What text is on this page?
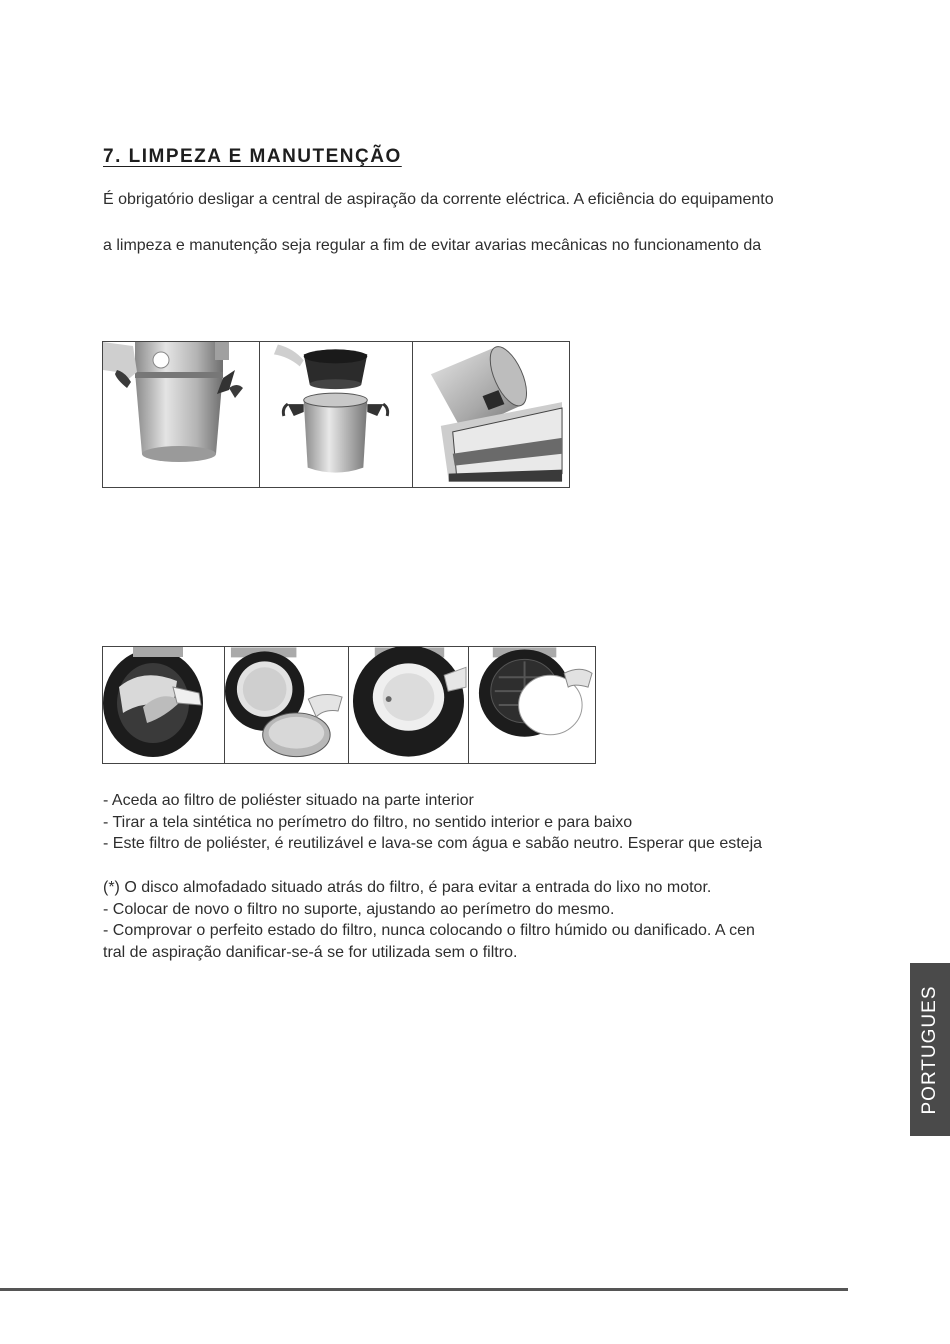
7. LIMPEZA E MANUTENÇÃO
É obrigatório desligar a central de aspiração da corrente eléctrica. A eficiência do equipamento
a limpeza e manutenção seja regular a fim de evitar avarias mecânicas no funcionamento da
- Aceda ao filtro de poliéster situado na parte interior
- Tirar a tela sintética no perímetro do filtro, no sentido interior e para baixo
- Este filtro de poliéster, é reutilizável e lava-se com água e sabão neutro. Esperar que esteja
(*) O disco almofadado situado atrás do filtro, é para evitar a entrada do lixo no motor.
- Colocar de novo o filtro no suporte, ajustando ao perímetro do mesmo.
- Comprovar o perfeito estado do filtro, nunca colocando o filtro húmido ou danificado. A cen
tral de aspiração danificar-se-á se for utilizada sem o filtro.
PORTUGUES
